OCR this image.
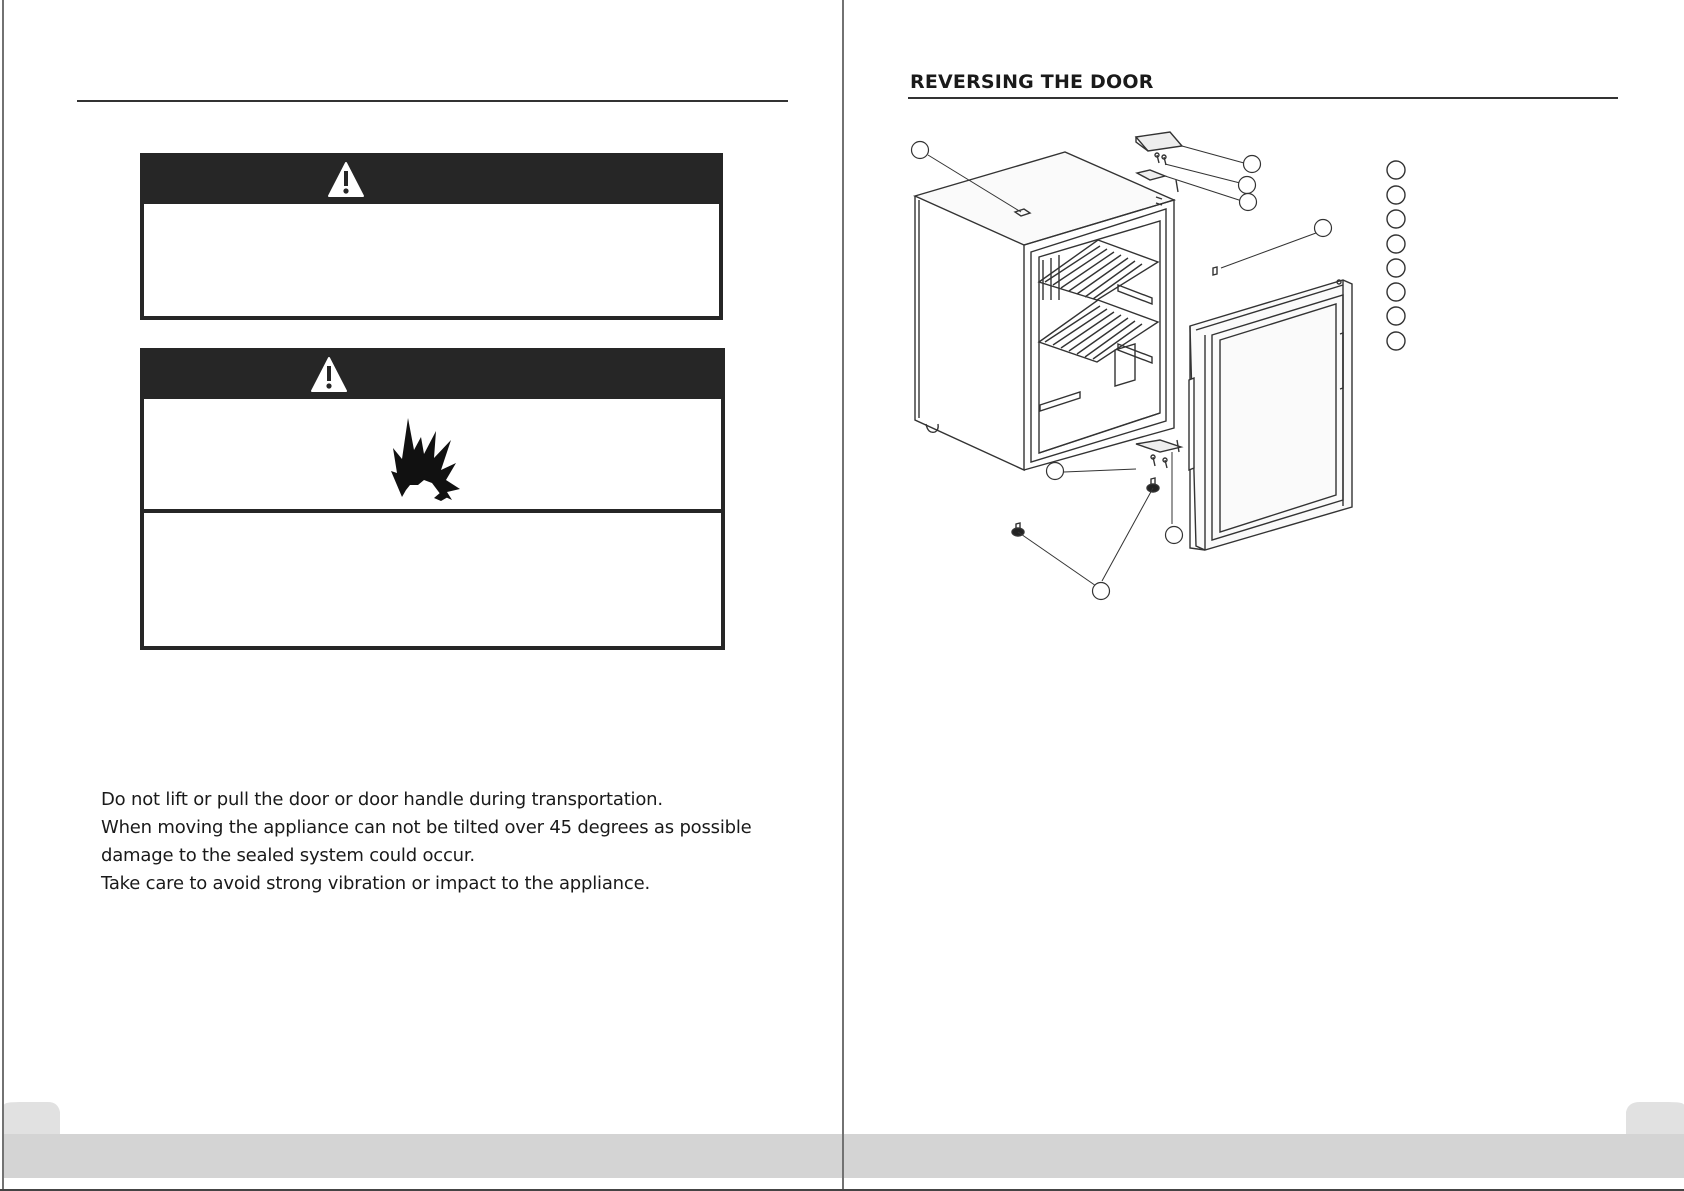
REVERSING THE DOOR
Do not lift or pull the door or door handle during transportation.
When moving the appliance can not be tilted over 45 degrees as possible
damage to the sealed system could occur.
Take care to avoid strong vibration or impact to the appliance.
